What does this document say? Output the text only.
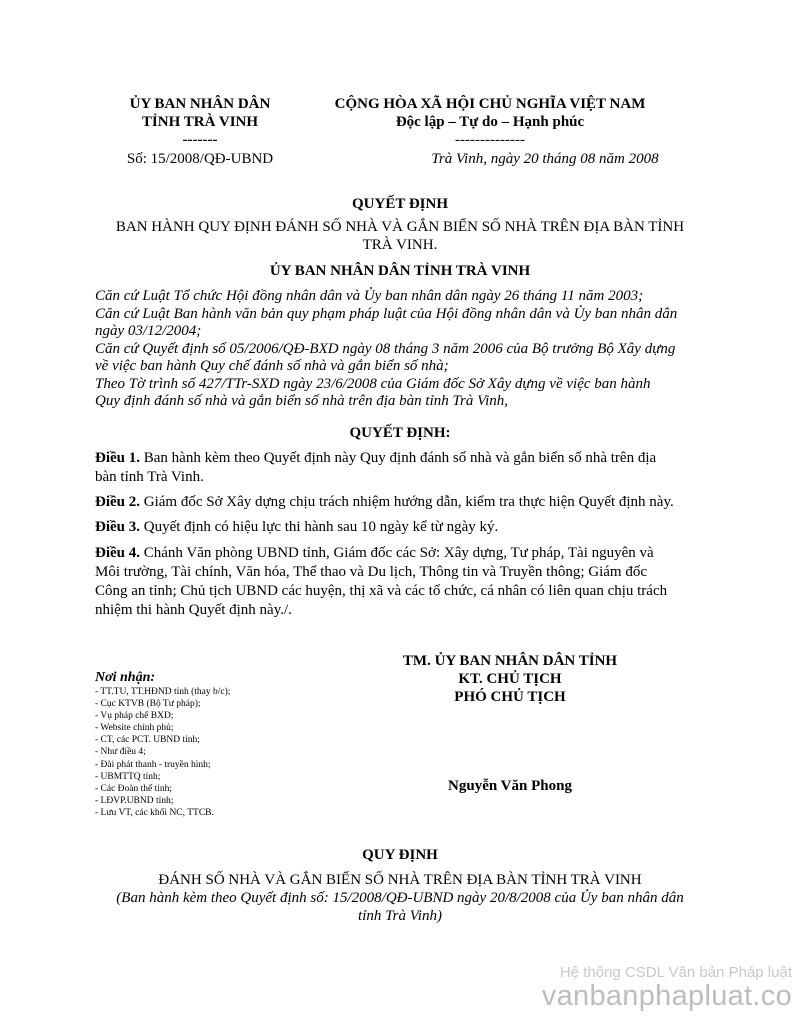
ỦY BAN NHÂN DÂN
TỈNH TRÀ VINH
-------
Số: 15/2008/QĐ-UBND
CỘNG HÒA XÃ HỘI CHỦ NGHĨA VIỆT NAM
Độc lập – Tự do – Hạnh phúc
--------------
Trà Vinh, ngày 20 tháng 08 năm 2008
QUYẾT ĐỊNH
BAN HÀNH QUY ĐỊNH ĐÁNH SỐ NHÀ VÀ GẮN BIỂN SỐ NHÀ TRÊN ĐỊA BÀN TỈNH
TRÀ VINH.
ỦY BAN NHÂN DÂN TỈNH TRÀ VINH
Căn cứ Luật Tổ chức Hội đồng nhân dân và Ủy ban nhân dân ngày 26 tháng 11 năm 2003;
Căn cứ Luật Ban hành văn bản quy phạm pháp luật của Hội đồng nhân dân và Ủy ban nhân dân
ngày 03/12/2004;
Căn cứ Quyết định số 05/2006/QĐ-BXD ngày 08 tháng 3 năm 2006 của Bộ trưởng Bộ Xây dựng
về việc ban hành Quy chế đánh số nhà và gắn biển số nhà;
Theo Tờ trình số 427/TTr-SXD ngày 23/6/2008 của Giám đốc Sở Xây dựng về việc ban hành
Quy định đánh số nhà và gắn biển số nhà trên địa bàn tỉnh Trà Vinh,
QUYẾT ĐỊNH:
Điều 1. Ban hành kèm theo Quyết định này Quy định đánh số nhà và gắn biển số nhà trên địa
bàn tỉnh Trà Vinh.
Điều 2. Giám đốc Sở Xây dựng chịu trách nhiệm hướng dẫn, kiểm tra thực hiện Quyết định này.
Điều 3. Quyết định có hiệu lực thi hành sau 10 ngày kể từ ngày ký.
Điều 4. Chánh Văn phòng UBND tỉnh, Giám đốc các Sở: Xây dựng, Tư pháp, Tài nguyên và
Môi trường, Tài chính, Văn hóa, Thể thao và Du lịch, Thông tin và Truyền thông; Giám đốc
Công an tỉnh; Chủ tịch UBND các huyện, thị xã và các tổ chức, cá nhân có liên quan chịu trách
nhiệm thi hành Quyết định này./.
Nơi nhận:
- TT.TU, TT.HĐND tỉnh (thay b/c);
- Cục KTVB (Bộ Tư pháp);
- Vụ pháp chế BXD;
- Website chính phủ;
- CT, các PCT. UBND tỉnh;
- Như điều 4;
- Đài phát thanh - truyền hình;
- UBMTTQ tỉnh;
- Các Đoàn thể tỉnh;
- LĐVP.UBND tỉnh;
- Lưu VT, các khối NC, TTCB.
TM. ỦY BAN NHÂN DÂN TỈNH
KT. CHỦ TỊCH
PHÓ CHỦ TỊCH
Nguyễn Văn Phong
QUY ĐỊNH
ĐÁNH SỐ NHÀ VÀ GẮN BIỂN SỐ NHÀ TRÊN ĐỊA BÀN TỈNH TRÀ VINH
(Ban hành kèm theo Quyết định số: 15/2008/QĐ-UBND ngày 20/8/2008 của Ủy ban nhân dân
tỉnh Trà Vinh)
Hệ thống CSDL Văn bản Pháp luật
vanbanphapluat.co
